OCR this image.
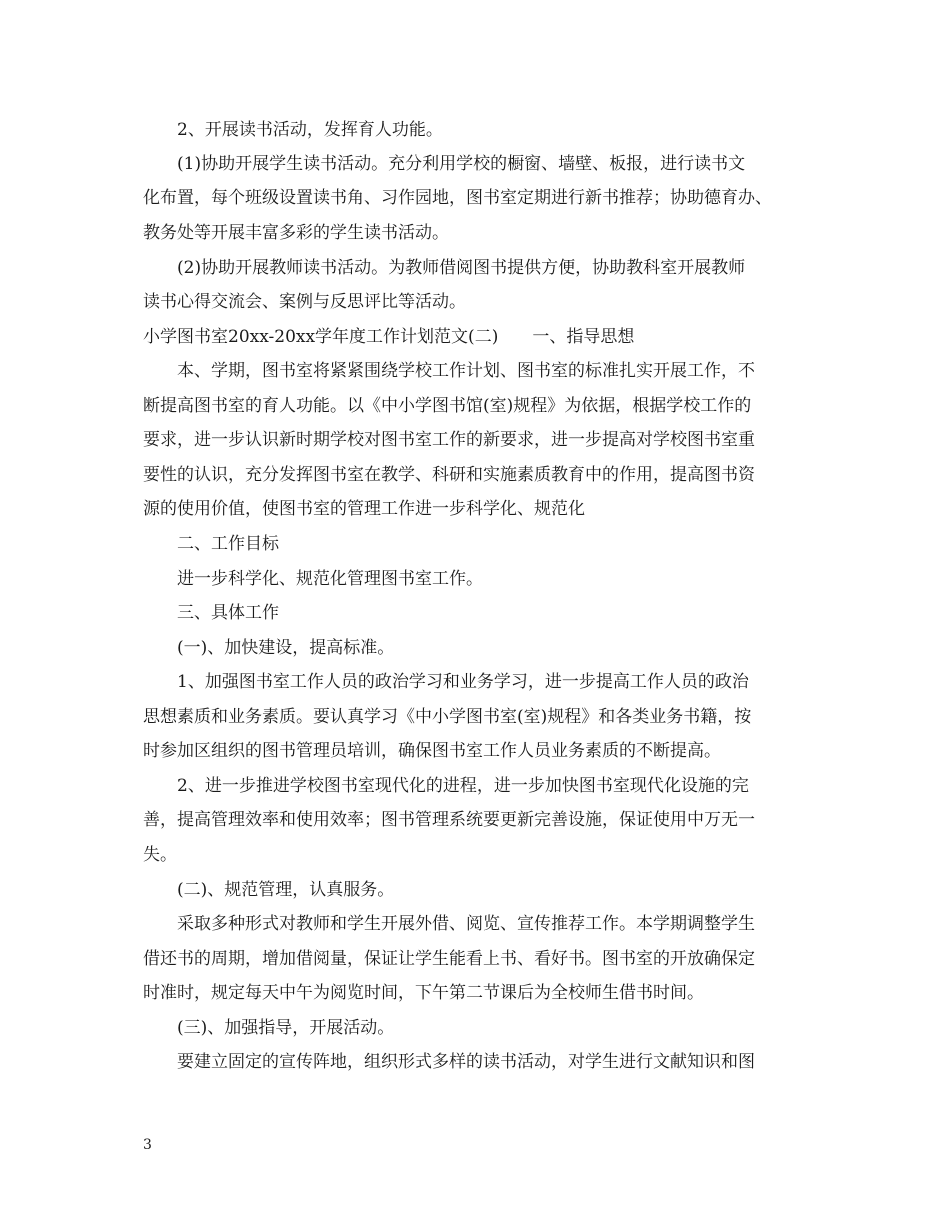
2、开展读书活动，发挥育人功能。
(1)协助开展学生读书活动。充分利用学校的橱窗、墙壁、板报，进行读书文
化布置，每个班级设置读书角、习作园地，图书室定期进行新书推荐；协助德育办、
教务处等开展丰富多彩的学生读书活动。
(2)协助开展教师读书活动。为教师借阅图书提供方便，协助教科室开展教师
读书心得交流会、案例与反思评比等活动。
小学图书室20xx-20xx学年度工作计划范文(二)　　一、指导思想
本、学期，图书室将紧紧围绕学校工作计划、图书室的标准扎实开展工作，不
断提高图书室的育人功能。以《中小学图书馆(室)规程》为依据，根据学校工作的
要求，进一步认识新时期学校对图书室工作的新要求，进一步提高对学校图书室重
要性的认识，充分发挥图书室在教学、科研和实施素质教育中的作用，提高图书资
源的使用价值，使图书室的管理工作进一步科学化、规范化
二、工作目标
进一步科学化、规范化管理图书室工作。
三、具体工作
(一)、加快建设，提高标准。
1、加强图书室工作人员的政治学习和业务学习，进一步提高工作人员的政治
思想素质和业务素质。要认真学习《中小学图书室(室)规程》和各类业务书籍，按
时参加区组织的图书管理员培训，确保图书室工作人员业务素质的不断提高。
2、进一步推进学校图书室现代化的进程，进一步加快图书室现代化设施的完
善，提高管理效率和使用效率；图书管理系统要更新完善设施，保证使用中万无一
失。
(二)、规范管理，认真服务。
采取多种形式对教师和学生开展外借、阅览、宣传推荐工作。本学期调整学生
借还书的周期，增加借阅量，保证让学生能看上书、看好书。图书室的开放确保定
时准时，规定每天中午为阅览时间，下午第二节课后为全校师生借书时间。
(三)、加强指导，开展活动。
要建立固定的宣传阵地，组织形式多样的读书活动，对学生进行文献知识和图
3
